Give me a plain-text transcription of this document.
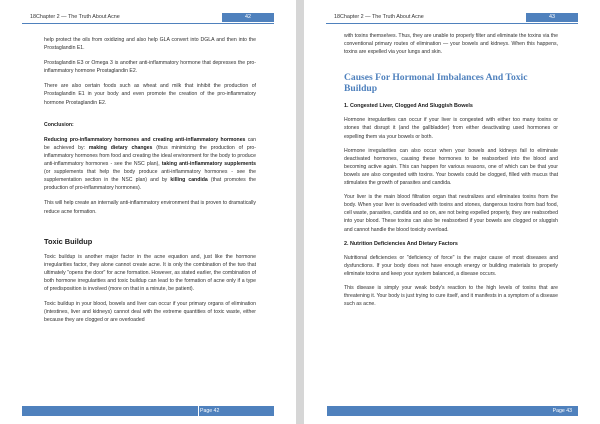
18Chapter 2 — The Truth About Acne	42

help protect the oils from oxidizing and also help GLA convert into DGLA and then into the Prostaglandin E1.

Prostaglandin E3 or Omega 3 is another anti-inflammatory hormone that depresses the pro-inflammatory hormone Prostaglandin E2.

There are also certain foods such as wheat and milk that inhibit the production of Prostaglandin E1 in your body and even promote the creation of the pro-inflammatory hormone Prostaglandin E2.

Conclusion:

Reducing pro-inflammatory hormones and creating anti-inflammatory hormones can be achieved by: making dietary changes (thus minimizing the production of pro-inflammatory hormones from food and creating the ideal environment for the body to produce anti-inflammatory hormones - see the NSC plan), taking anti-inflammatory supplements (or supplements that help the body produce anti-inflammatory hormones - see the supplementation section in the NSC plan) and by killing candida (that promotes the production of pro-inflammatory hormones).

This will help create an internally anti-inflammatory environment that is proven to dramatically reduce acne formation.

Toxic Buildup

Toxic buildup is another major factor in the acne equation and, just like the hormone irregularities factor, they alone cannot create acne. It is only the combination of the two that ultimately "opens the door" for acne formation. However, as stated earlier, the combination of both hormone irregularities and toxic buildup can lead to the formation of acne only if a type of predisposition is involved (more on that in a minute, be patient).

Toxic buildup in your blood, bowels and liver can occur if your primary organs of elimination (intestines, liver and kidneys) cannot deal with the extreme quantities of toxic waste, either because they are clogged or are overloaded

Page 42
18Chapter 2 — The Truth About Acne	43

with toxins themselves. Thus, they are unable to properly filter and eliminate the toxins via the conventional primary routes of elimination — your bowels and kidneys. When this happens, toxins are expelled via your lungs and skin.

Causes For Hormonal Imbalances And Toxic Buildup
1. Congested Liver, Clogged And Sluggish Bowels

Hormone irregularities can occur if your liver is congested with either too many toxins or stones that disrupt it (and the gallbladder) from either deactivating used hormones or expelling them via your bowels or both.

Hormone irregularities can also occur when your bowels and kidneys fail to eliminate deactivated hormones, causing these hormones to be reabsorbed into the blood and becoming active again. This can happen for various reasons, one of which can be that your bowels are also congested with toxins. Your bowels could be clogged, filled with mucus that stimulates the growth of parasites and candida.

Your liver is the main blood filtration organ that neutralizes and eliminates toxins from the body. When your liver is overloaded with toxins and stones, dangerous toxins from bad food, cell waste, parasites, candida and so on, are not being expelled properly, they are reabsorbed into your blood. These toxins can also be reabsorbed if your bowels are clogged or sluggish and cannot handle the blood toxicity overload.

2. Nutrition Deficiencies And Dietary Factors

Nutritional deficiencies or "deficiency of force" is the major cause of most diseases and dysfunctions. If your body does not have enough energy or building materials to properly eliminate toxins and keep your system balanced, a disease occurs.

This disease is simply your weak body's reaction to the high levels of toxins that are threatening it. Your body is just trying to cure itself, and it manifests in a symptom of a disease such as acne.

Page 43
